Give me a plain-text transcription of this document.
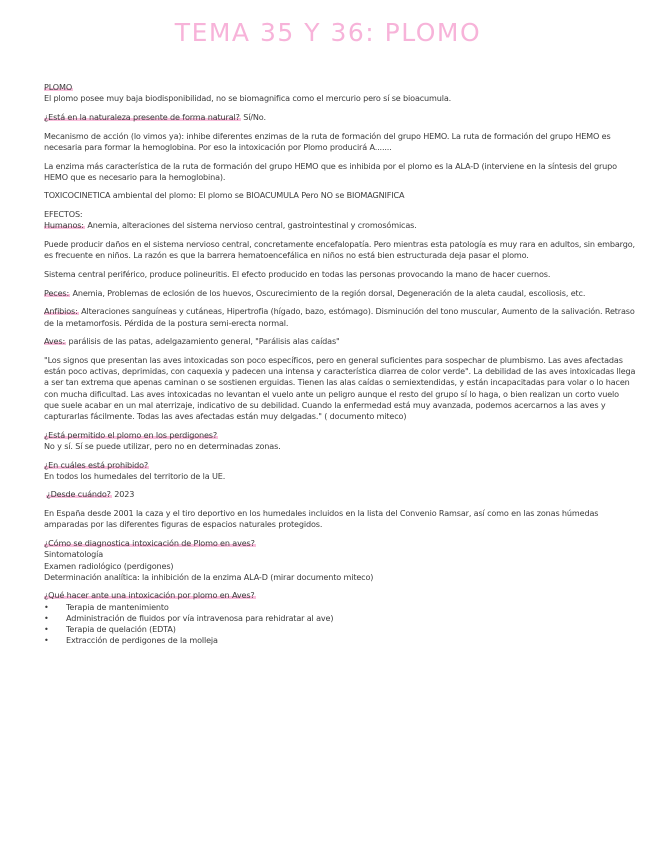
TEMA 35 Y 36: PLOMO

PLOMO

El plomo posee muy baja biodisponibilidad, no se biomagnifica como el mercurio pero sí se bioacumula.

¿Está en la naturaleza presente de forma natural? Sí/No.

Mecanismo de acción (lo vimos ya): inhibe diferentes enzimas de la ruta de formación del grupo HEMO. La ruta de formación del grupo HEMO es necesaria para formar la hemoglobina. Por eso la intoxicación por Plomo producirá A.......

La enzima más característica de la ruta de formación del grupo HEMO que es inhibida por el plomo es la ALA-D (interviene en la síntesis del grupo HEMO que es necesario para la hemoglobina).

TOXICOCINETICA ambiental del plomo: El plomo se BIOACUMULA Pero NO se BIOMAGNIFICA

EFECTOS:

Humanos: Anemia, alteraciones del sistema nervioso central, gastrointestinal y cromosómicas.

Puede producir daños en el sistema nervioso central, concretamente encefalopatía. Pero mientras esta patología es muy rara en adultos, sin embargo, es frecuente en niños. La razón es que la barrera hematoencefálica en niños no está bien estructurada deja pasar el plomo.

Sistema central periférico, produce polineuritis. El efecto producido en todas las personas provocando la mano de hacer cuernos.

Peces: Anemia, Problemas de eclosión de los huevos, Oscurecimiento de la región dorsal, Degeneración de la aleta caudal, escoliosis, etc.

Anfibios: Alteraciones sanguíneas y cutáneas, Hipertrofia (hígado, bazo, estómago). Disminución del tono muscular, Aumento de la salivación. Retraso de la metamorfosis. Pérdida de la postura semi-erecta normal.

Aves: parálisis de las patas, adelgazamiento general, "Parálisis alas caídas"

"Los signos que presentan las aves intoxicadas son poco específicos, pero en general suficientes para sospechar de plumbismo. Las aves afectadas están poco activas, deprimidas, con caquexia y padecen una intensa y característica diarrea de color verde". La debilidad de las aves intoxicadas llega a ser tan extrema que apenas caminan o se sostienen erguidas. Tienen las alas caídas o semiextendidas, y están incapacitadas para volar o lo hacen con mucha dificultad. Las aves intoxicadas no levantan el vuelo ante un peligro aunque el resto del grupo sí lo haga, o bien realizan un corto vuelo que suele acabar en un mal aterrizaje, indicativo de su debilidad. Cuando la enfermedad está muy avanzada, podemos acercarnos a las aves y capturarlas fácilmente. Todas las aves afectadas están muy delgadas." ( documento miteco)

¿Está permitido el plomo en los perdigones?

No y sí. Sí se puede utilizar, pero no en determinadas zonas.

¿En cuáles está prohibido?

En todos los humedales del territorio de la UE.

¿Desde cuándo? 2023

En España desde 2001 la caza y el tiro deportivo en los humedales incluidos en la lista del Convenio Ramsar, así como en las zonas húmedas amparadas por las diferentes figuras de espacios naturales protegidos.

¿Cómo se diagnostica intoxicación de Plomo en aves?

Sintomatología

Examen radiológico (perdigones)

Determinación analítica: la inhibición de la enzima ALA-D (mirar documento miteco)

¿Qué hacer ante una intoxicación por plomo en Aves?

• Terapia de mantenimiento
• Administración de fluidos por vía intravenosa para rehidratar al ave)
• Terapia de quelación (EDTA)
• Extracción de perdigones de la molleja
